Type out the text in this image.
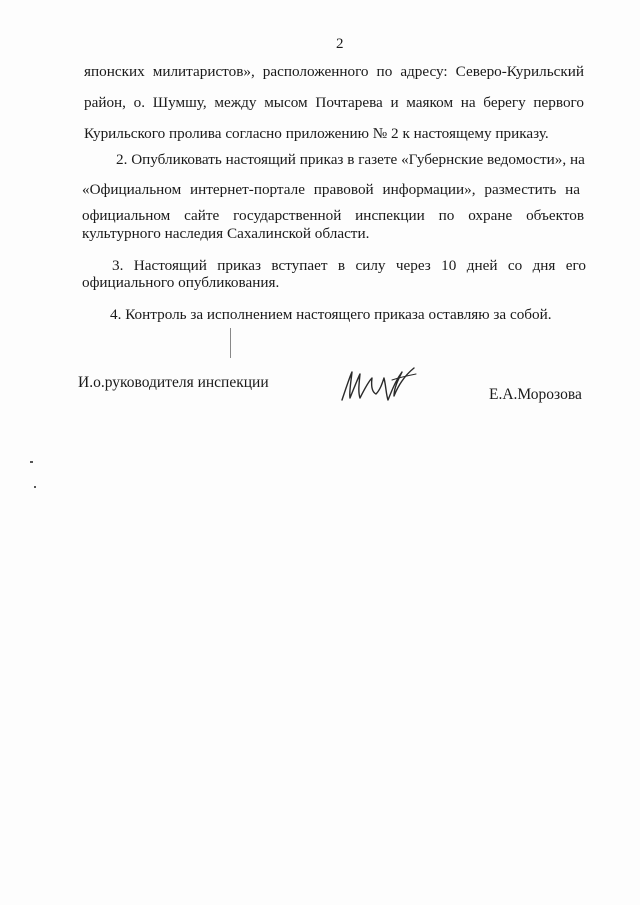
2
японских милитаристов», расположенного по адресу: Северо-Курильский
район, о. Шумшу, между мысом Почтарева и маяком на берегу первого
Курильского пролива согласно приложению № 2 к настоящему приказу.
2. Опубликовать настоящий приказ в газете «Губернские ведомости», на
«Официальном интернет-портале правовой информации», разместить на
официальном сайте государственной инспекции по охране объектов
культурного наследия Сахалинской области.
3. Настоящий приказ вступает в силу через 10 дней со дня его
официального опубликования.
4. Контроль за исполнением настоящего приказа оставляю за собой.
И.о.руководителя инспекции
Е.А.Морозова
